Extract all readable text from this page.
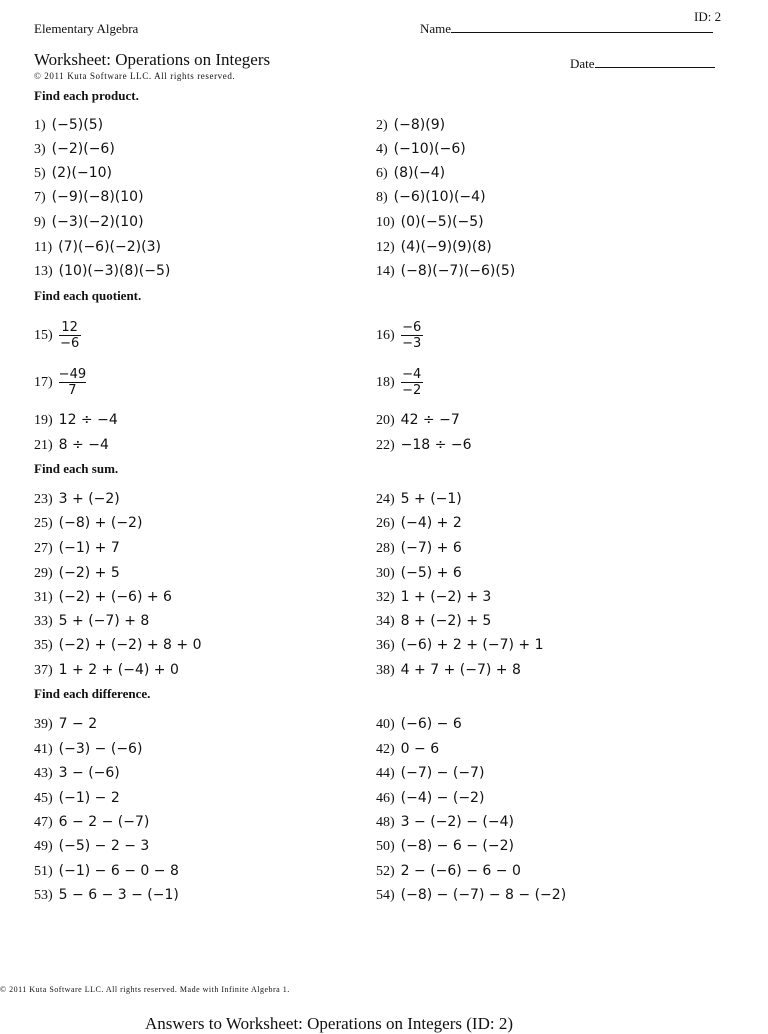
ID: 2
Elementary Algebra	Name
Worksheet: Operations on Integers	Date
© 2011 Kuta Software LLC. All rights reserved.
Find each product.
1) (−5)(5)	2) (−8)(9)
3) (−2)(−6)	4) (−10)(−6)
5) (2)(−10)	6) (8)(−4)
7) (−9)(−8)(10)	8) (−6)(10)(−4)
9) (−3)(−2)(10)	10) (0)(−5)(−5)
11) (7)(−6)(−2)(3)	12) (4)(−9)(9)(8)
13) (10)(−3)(8)(−5)	14) (−8)(−7)(−6)(5)
Find each quotient.
$15) \frac{12}{-6}$	$16) \frac{-6}{-3}$
$17) \frac{-49}{7}$	$18) \frac{-4}{-2}$
19) 12 ÷ −4	20) 42 ÷ −7
21) 8 ÷ −4	22) −18 ÷ −6
Find each sum.
23) 3 + (−2)	24) 5 + (−1)
25) (−8) + (−2)	26) (−4) + 2
27) (−1) + 7	28) (−7) + 6
29) (−2) + 5	30) (−5) + 6
31) (−2) + (−6) + 6	32) 1 + (−2) + 3
33) 5 + (−7) + 8	34) 8 + (−2) + 5
35) (−2) + (−2) + 8 + 0	36) (−6) + 2 + (−7) + 1
37) 1 + 2 + (−4) + 0	38) 4 + 7 + (−7) + 8
Find each difference.
39) 7 − 2	40) (−6) − 6
41) (−3) − (−6)	42) 0 − 6
43) 3 − (−6)	44) (−7) − (−7)
45) (−1) − 2	46) (−4) − (−2)
47) 6 − 2 − (−7)	48) 3 − (−2) − (−4)
49) (−5) − 2 − 3	50) (−8) − 6 − (−2)
51) (−1) − 6 − 0 − 8	52) 2 − (−6) − 6 − 0
53) 5 − 6 − 3 − (−1)	54) (−8) − (−7) − 8 − (−2)
© 2011 Kuta Software LLC. All rights reserved. Made with Infinite Algebra 1.
Answers to Worksheet: Operations on Integers (ID: 2)
